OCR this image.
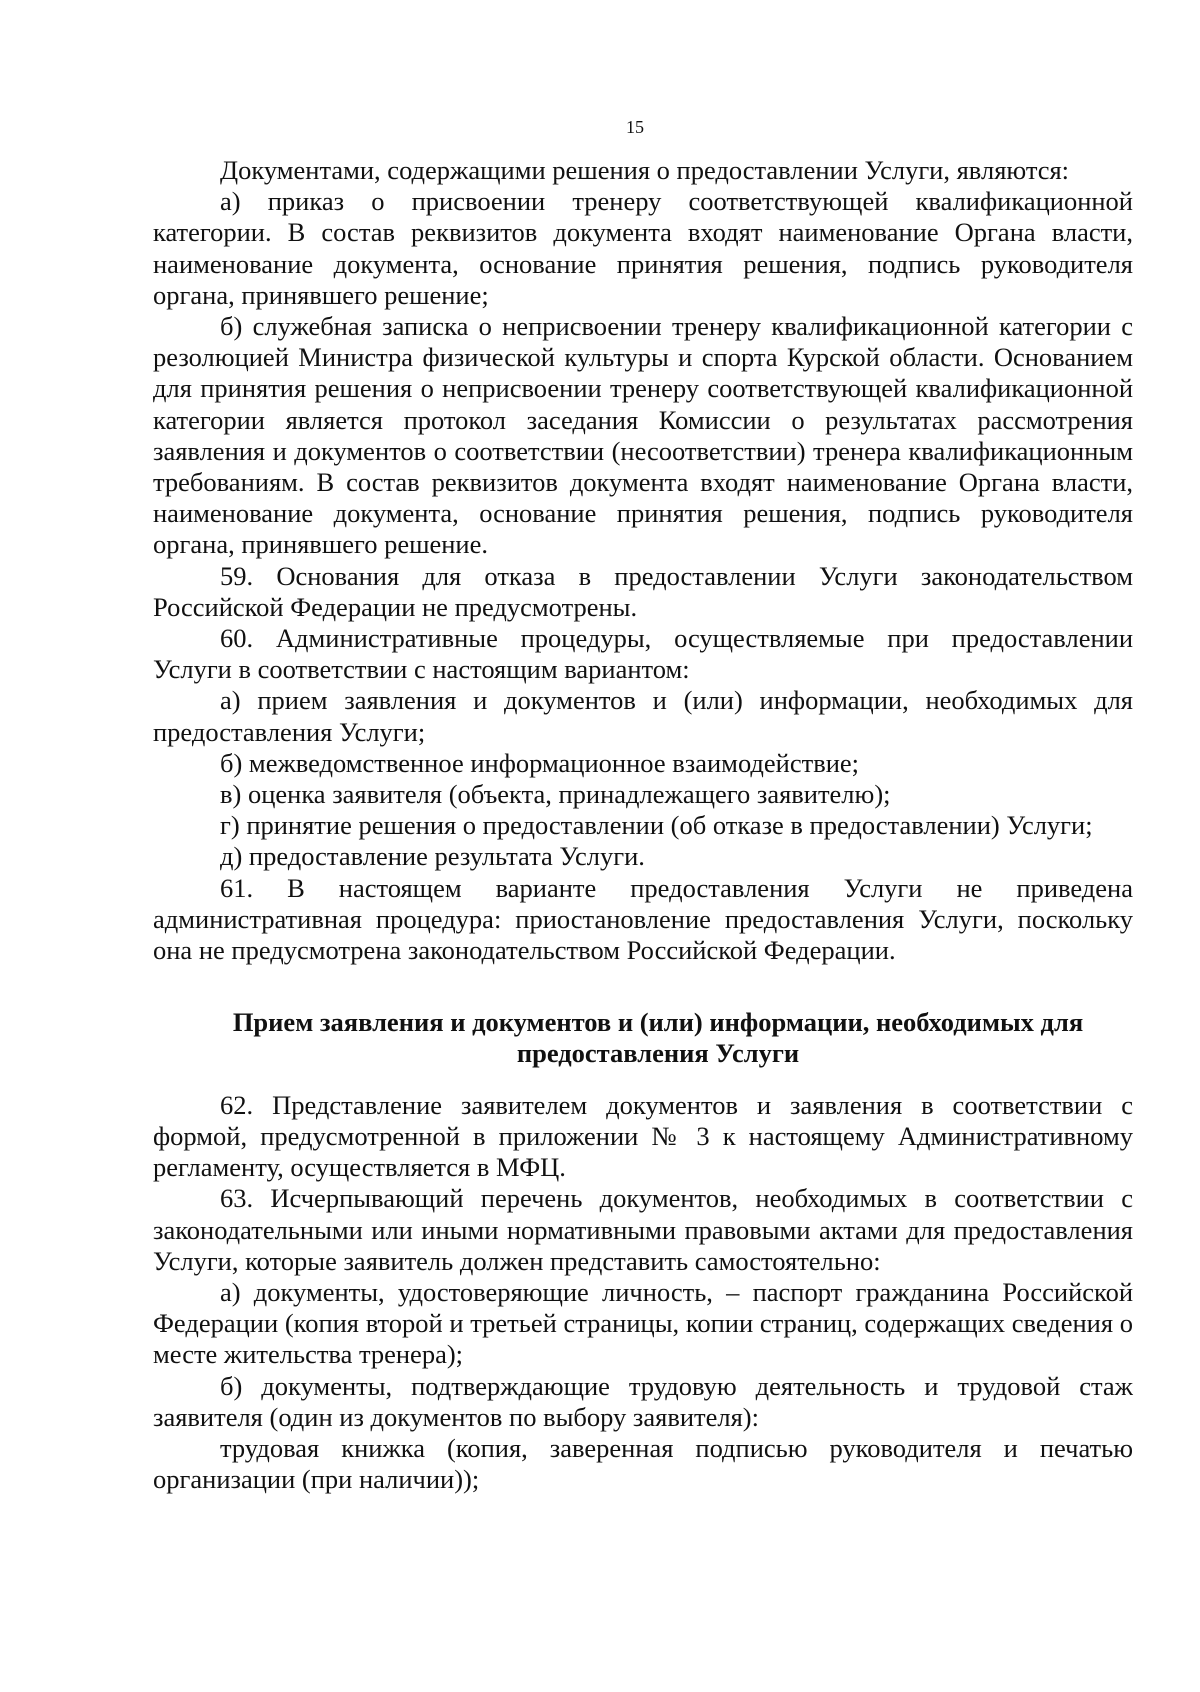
15

Документами, содержащими решения о предоставлении Услуги, являются:

а) приказ о присвоении тренеру соответствующей квалификационной категории. В состав реквизитов документа входят наименование Органа власти, наименование документа, основание принятия решения, подпись руководителя органа, принявшего решение;

б) служебная записка о неприсвоении тренеру квалификационной категории с резолюцией Министра физической культуры и спорта Курской области. Основанием для принятия решения о неприсвоении тренеру соответствующей квалификационной категории является протокол заседания Комиссии о результатах рассмотрения заявления и документов о соответствии (несоответствии) тренера квалификационным требованиям. В состав реквизитов документа входят наименование Органа власти, наименование документа, основание принятия решения, подпись руководителя органа, принявшего решение.

59. Основания для отказа в предоставлении Услуги законодательством Российской Федерации не предусмотрены.

60. Административные процедуры, осуществляемые при предоставлении Услуги в соответствии с настоящим вариантом:

а) прием заявления и документов и (или) информации, необходимых для предоставления Услуги;

б) межведомственное информационное взаимодействие;

в) оценка заявителя (объекта, принадлежащего заявителю);

г) принятие решения о предоставлении (об отказе в предоставлении) Услуги;

д) предоставление результата Услуги.

61. В настоящем варианте предоставления Услуги не приведена административная процедура: приостановление предоставления Услуги, поскольку она не предусмотрена законодательством Российской Федерации.

Прием заявления и документов и (или) информации, необходимых для
предоставления Услуги

62. Представление заявителем документов и заявления в соответствии с формой, предусмотренной в приложении № 3 к настоящему Административному регламенту, осуществляется в МФЦ.

63. Исчерпывающий перечень документов, необходимых в соответствии с законодательными или иными нормативными правовыми актами для предоставления Услуги, которые заявитель должен представить самостоятельно:

а) документы, удостоверяющие личность, – паспорт гражданина Российской Федерации (копия второй и третьей страницы, копии страниц, содержащих сведения о месте жительства тренера);

б) документы, подтверждающие трудовую деятельность и трудовой стаж заявителя (один из документов по выбору заявителя):

трудовая книжка (копия, заверенная подписью руководителя и печатью организации (при наличии));
